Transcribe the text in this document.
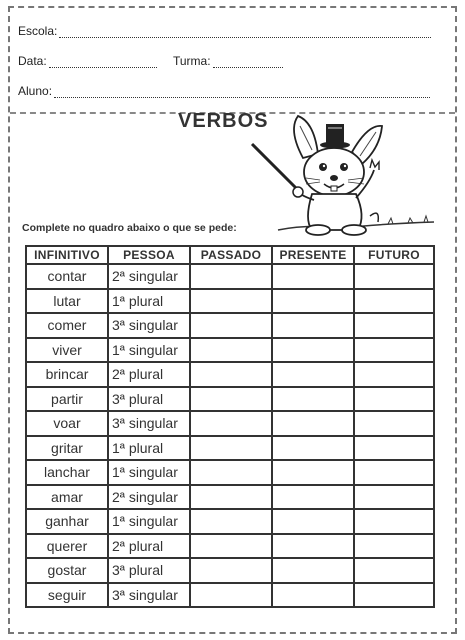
Escola:
Data:	Turma:
Aluno:
VERBOS
Complete no quadro abaixo o que se pede:
INFINITIVO	PESSOA	PASSADO	PRESENTE	FUTURO
contar	2ª singular			
lutar	1ª plural			
comer	3ª singular			
viver	1ª singular			
brincar	2ª plural			
partir	3ª plural			
voar	3ª singular			
gritar	1ª plural			
lanchar	1ª singular			
amar	2ª singular			
ganhar	1ª singular			
querer	2ª plural			
gostar	3ª plural			
seguir	3ª singular			
